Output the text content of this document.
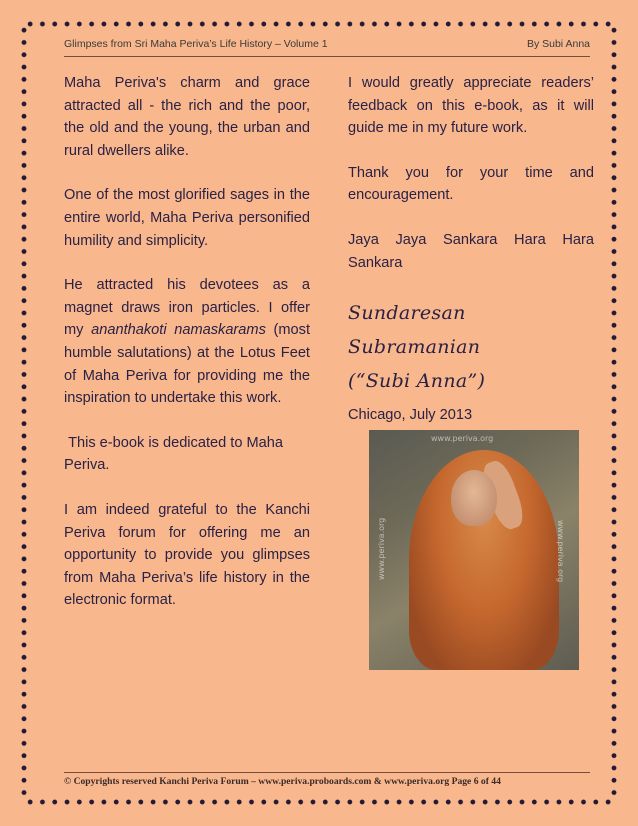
Glimpses from Sri Maha Periva’s Life History – Volume 1	By Subi Anna

Maha Periva's charm and grace attracted all - the rich and the poor, the old and the young, the urban and rural dwellers alike.

One of the most glorified sages in the entire world, Maha Periva personified humility and simplicity.

He attracted his devotees as a magnet draws iron particles. I offer my ananthakoti namaskarams (most humble salutations) at the Lotus Feet of Maha Periva for providing me the inspiration to undertake this work.

This e-book is dedicated to Maha Periva.

I am indeed grateful to the Kanchi Periva forum for offering me an opportunity to provide you glimpses from Maha Periva’s life history in the electronic format.

I would greatly appreciate readers’ feedback on this e-book, as it will guide me in my future work.

Thank you for your time and encouragement.

Jaya Jaya Sankara Hara Hara Sankara

Sundaresan Subramanian
(“Subi Anna”)
Chicago, July 2013
www.periva.org
www.periva.org	www.periva.org
© Copyrights reserved Kanchi Periva Forum – www.periva.proboards.com & www.periva.org Page 6 of 44
